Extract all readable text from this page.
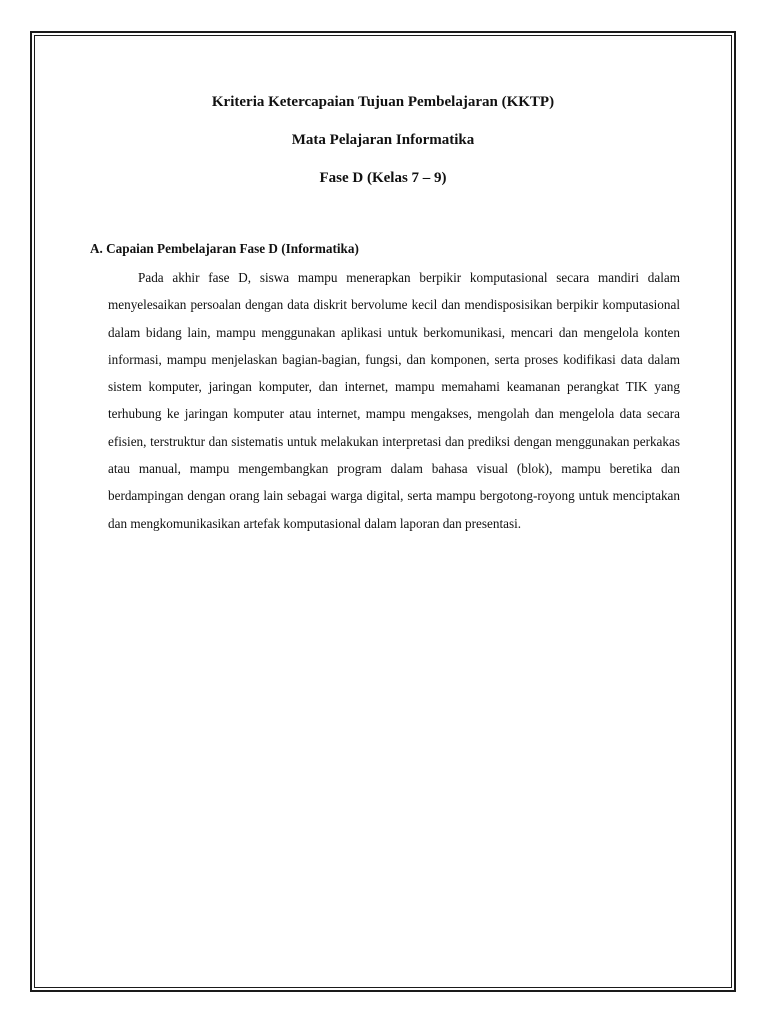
Kriteria Ketercapaian Tujuan Pembelajaran (KKTP)
Mata Pelajaran Informatika
Fase D (Kelas 7 – 9)
A. Capaian Pembelajaran Fase D (Informatika)

Pada akhir fase D, siswa mampu menerapkan berpikir komputasional secara mandiri dalam menyelesaikan persoalan dengan data diskrit bervolume kecil dan mendisposisikan berpikir komputasional dalam bidang lain, mampu menggunakan aplikasi untuk berkomunikasi, mencari dan mengelola konten informasi, mampu menjelaskan bagian-bagian, fungsi, dan komponen, serta proses kodifikasi data dalam sistem komputer, jaringan komputer, dan internet, mampu memahami keamanan perangkat TIK yang terhubung ke jaringan komputer atau internet, mampu mengakses, mengolah dan mengelola data secara efisien, terstruktur dan sistematis untuk melakukan interpretasi dan prediksi dengan menggunakan perkakas atau manual, mampu mengembangkan program dalam bahasa visual (blok), mampu beretika dan berdampingan dengan orang lain sebagai warga digital, serta mampu bergotong-royong untuk menciptakan dan mengkomunikasikan artefak komputasional dalam laporan dan presentasi.
